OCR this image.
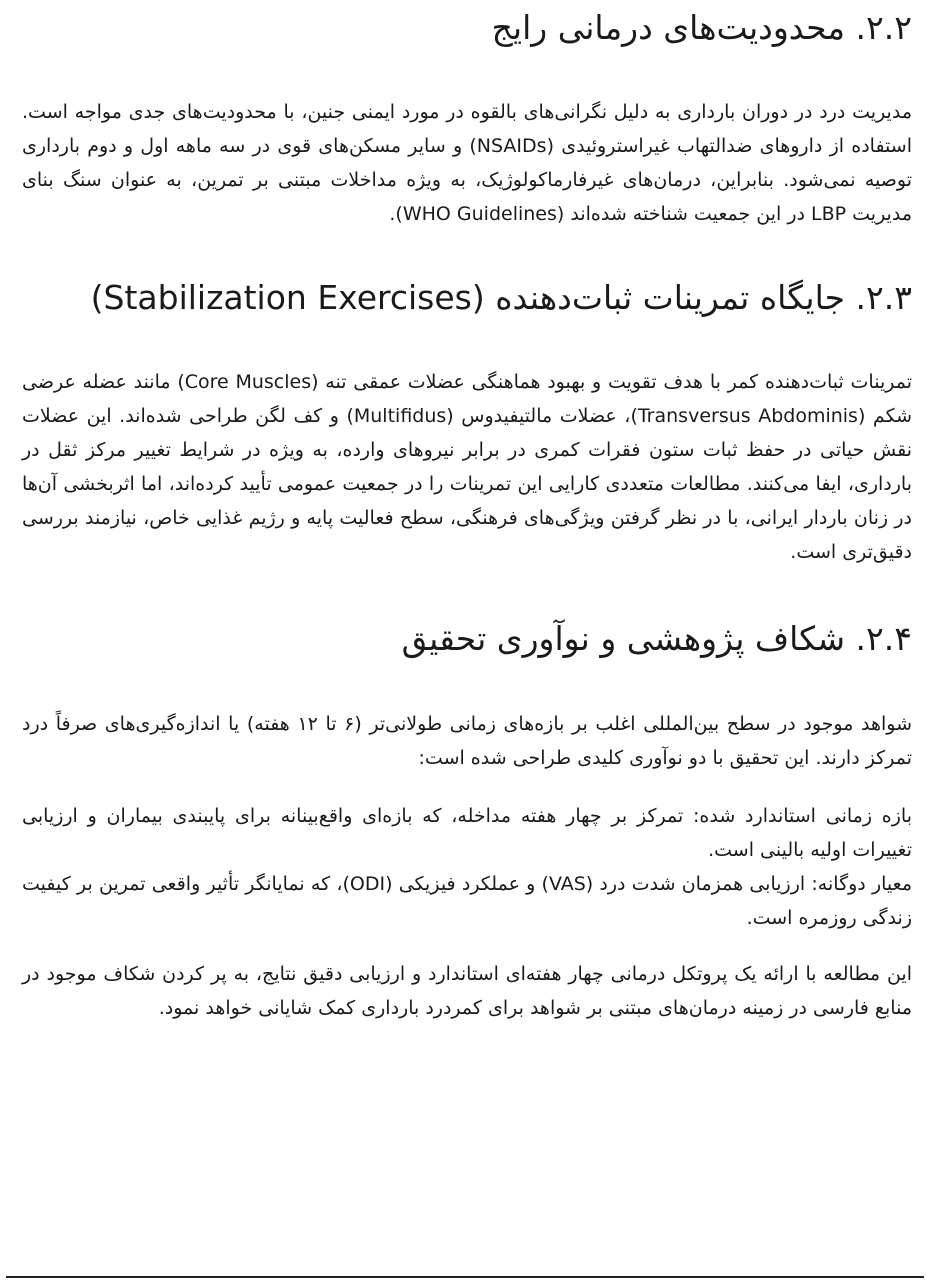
۲.۲. محدودیت‌های درمانی رایج

مدیریت درد در دوران بارداری به دلیل نگرانی‌های بالقوه در مورد ایمنی جنین، با محدودیت‌های جدی مواجه است. استفاده از داروهای ضدالتهاب غیراستروئیدی (NSAIDs) و سایر مسکن‌های قوی در سه ماهه اول و دوم بارداری توصیه نمی‌شود. بنابراین، درمان‌های غیرفارماکولوژیک، به ویژه مداخلات مبتنی بر تمرین، به عنوان سنگ بنای مدیریت LBP در این جمعیت شناخته شده‌اند (WHO Guidelines).

۲.۳. جایگاه تمرینات ثبات‌دهنده (Stabilization Exercises)

تمرینات ثبات‌دهنده کمر با هدف تقویت و بهبود هماهنگی عضلات عمقی تنه (Core Muscles) مانند عضله عرضی شکم (Transversus Abdominis)، عضلات مالتیفیدوس (Multifidus) و کف لگن طراحی شده‌اند. این عضلات نقش حیاتی در حفظ ثبات ستون فقرات کمری در برابر نیروهای وارده، به ویژه در شرایط تغییر مرکز ثقل در بارداری، ایفا می‌کنند. مطالعات متعددی کارایی این تمرینات را در جمعیت عمومی تأیید کرده‌اند، اما اثربخشی آن‌ها در زنان باردار ایرانی، با در نظر گرفتن ویژگی‌های فرهنگی، سطح فعالیت پایه و رژیم غذایی خاص، نیازمند بررسی دقیق‌تری است.

۲.۴. شکاف پژوهشی و نوآوری تحقیق

شواهد موجود در سطح بین‌المللی اغلب بر بازه‌های زمانی طولانی‌تر (۶ تا ۱۲ هفته) یا اندازه‌گیری‌های صرفاً درد تمرکز دارند. این تحقیق با دو نوآوری کلیدی طراحی شده است:

بازه زمانی استاندارد شده: تمرکز بر چهار هفته مداخله، که بازه‌ای واقع‌بینانه برای پایبندی بیماران و ارزیابی تغییرات اولیه بالینی است.

معیار دوگانه: ارزیابی همزمان شدت درد (VAS) و عملکرد فیزیکی (ODI)، که نمایانگر تأثیر واقعی تمرین بر کیفیت زندگی روزمره است.

این مطالعه با ارائه یک پروتکل درمانی چهار هفته‌ای استاندارد و ارزیابی دقیق نتایج، به پر کردن شکاف موجود در منابع فارسی در زمینه درمان‌های مبتنی بر شواهد برای کمردرد بارداری کمک شایانی خواهد نمود.
